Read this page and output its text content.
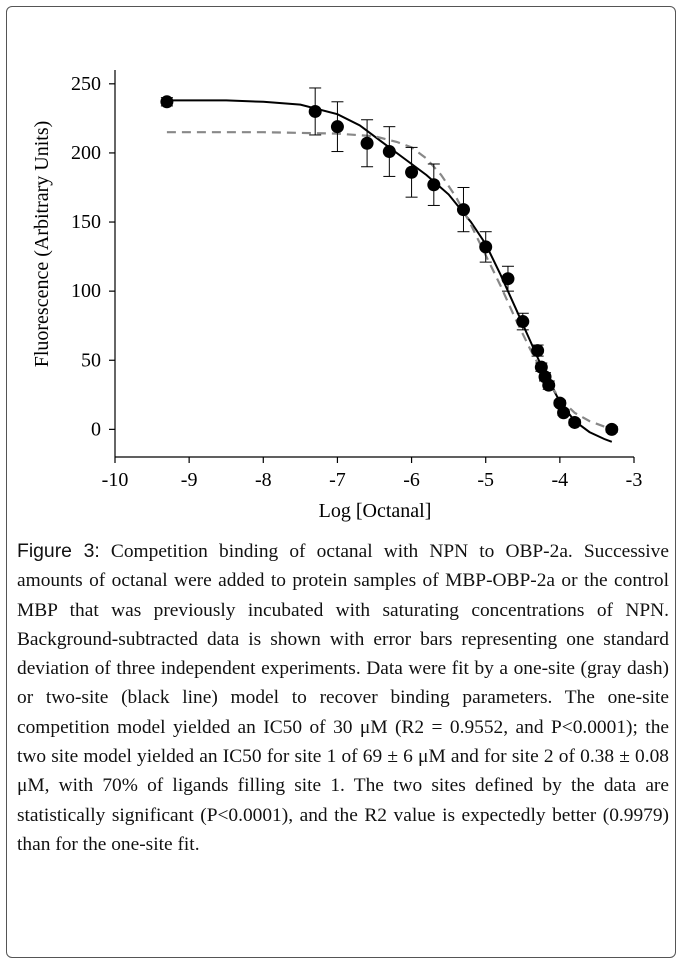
0
50
100
150
200
250
-10	-9	-8	-7	-6	-5	-4	-3
Log [Octanal]
Fluorescence (Arbitrary Units)
Figure 3: Competition binding of octanal with NPN to OBP-2a. Successive amounts of octanal were added to protein samples of MBP-OBP-2a or the control MBP that was previously incubated with saturating concentrations of NPN. Background-subtracted data is shown with error bars representing one standard deviation of three independent experiments. Data were fit by a one-site (gray dash) or two-site (black line) model to recover binding parameters. The one-site competition model yielded an IC50 of 30 μM (R2 = 0.9552, and P<0.0001); the two site model yielded an IC50 for site 1 of 69 ± 6 μM and for site 2 of 0.38 ± 0.08 μM, with 70% of ligands filling site 1. The two sites defined by the data are statistically significant (P<0.0001), and the R2 value is expectedly better (0.9979) than for the one-site fit.
